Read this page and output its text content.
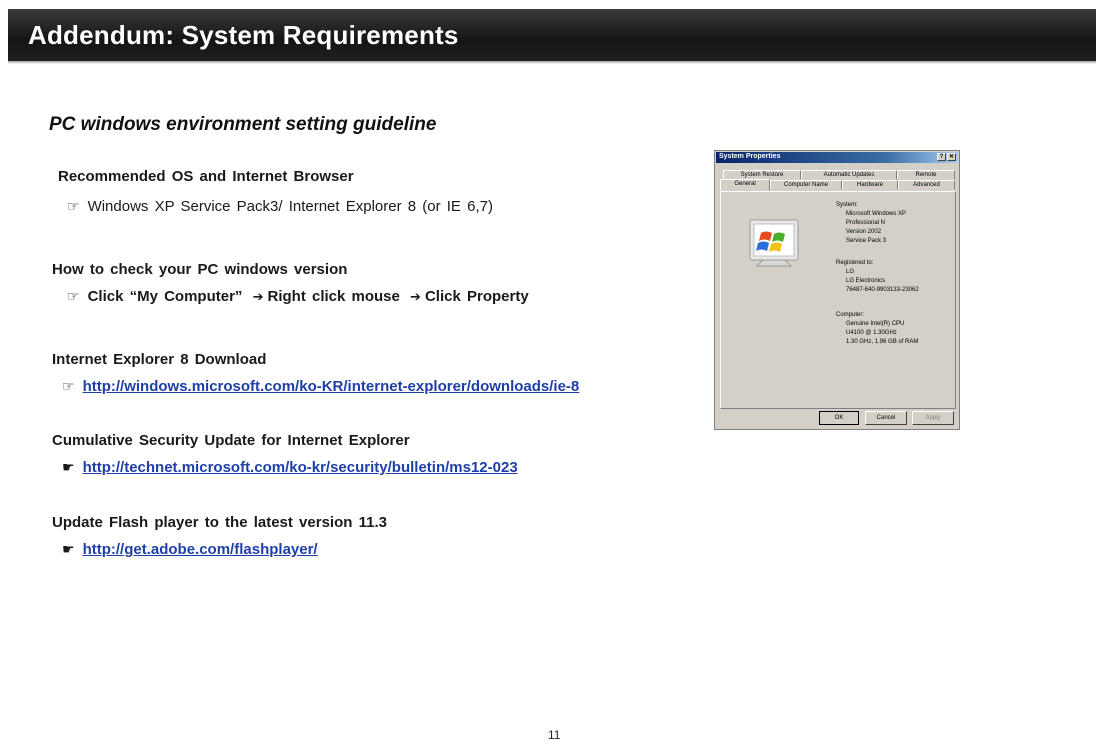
Addendum: System Requirements
PC windows environment setting guideline
Recommended OS and Internet Browser
☞ Windows XP Service Pack3/ Internet Explorer 8 (or IE 6,7)
How to check your PC windows version
☞ Click “My Computer” ➔ Right click mouse ➔ Click Property
Internet Explorer 8 Download
☞ http://windows.microsoft.com/ko-KR/internet-explorer/downloads/ie-8
Cumulative Security Update for Internet Explorer
☛ http://technet.microsoft.com/ko-kr/security/bulletin/ms12-023
Update Flash player to the latest version 11.3
☛ http://get.adobe.com/flashplayer/
System Properties	? ✕
System Restore	Automatic Updates	Remote
General	Computer Name	Hardware	Advanced
System:
Microsoft Windows XP
Professional N
Version 2002
Service Pack 3
Registered to:
LG
LG Electronics
76487-640-9903133-23062
Computer:
Genuine Intel(R) CPU
U4100 @ 1.30GHz
1.30 GHz, 1.96 GB of RAM
OK	Cancel	Apply
11
